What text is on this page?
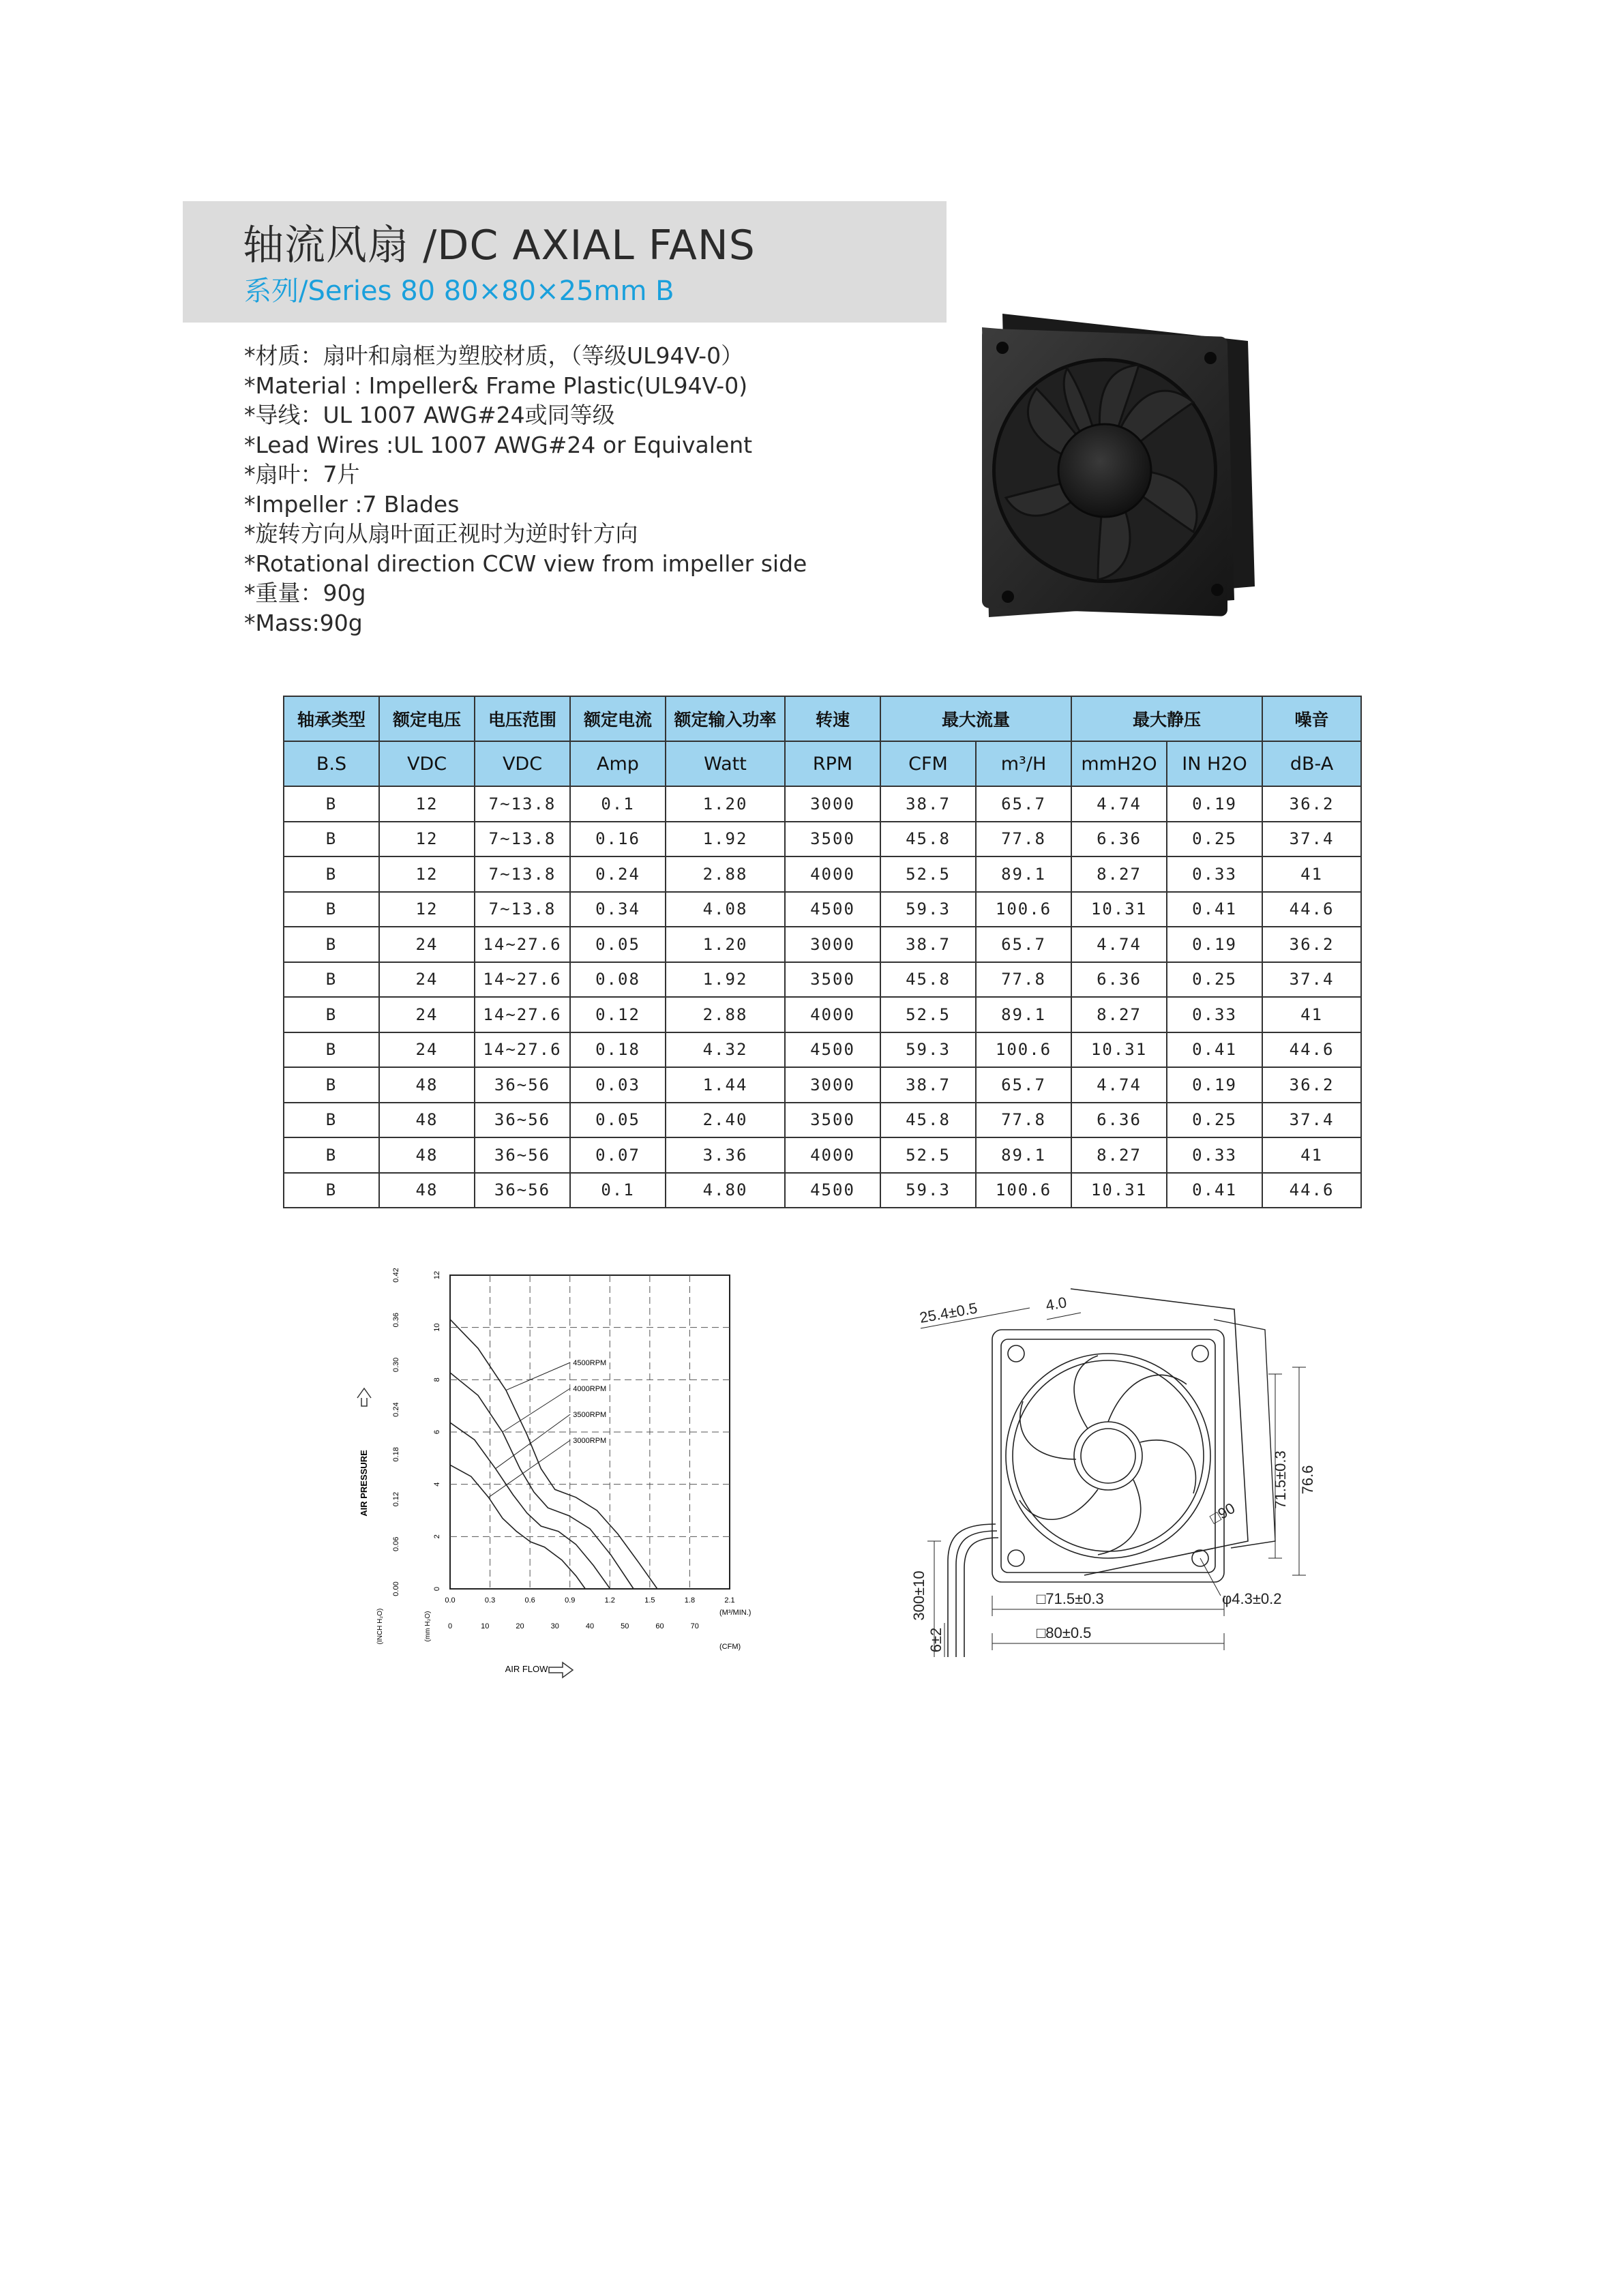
轴流风扇 /DC AXIAL FANS
系列/Series 80 80×80×25mm B
*材质：扇叶和扇框为塑胶材质，（等级UL94V-0）
*Material : Impeller& Frame Plastic(UL94V-0)
*导线：UL 1007 AWG#24或同等级
*Lead Wires :UL 1007 AWG#24 or Equivalent
*扇叶：7片
*Impeller :7 Blades
*旋转方向从扇叶面正视时为逆时针方向
*Rotational direction CCW view from impeller side
*重量：90g
*Mass:90g
轴承类型	额定电压	电压范围	额定电流	额定输入功率	转速	最大流量		最大静压		噪音
B.S	VDC	VDC	Amp	Watt	RPM	CFM	m³/H	mmH2O	IN H2O	dB-A
B	12	7~13.8	0.1	1.20	3000	38.7	65.7	4.74	0.19	36.2
B	12	7~13.8	0.16	1.92	3500	45.8	77.8	6.36	0.25	37.4
B	12	7~13.8	0.24	2.88	4000	52.5	89.1	8.27	0.33	41
B	12	7~13.8	0.34	4.08	4500	59.3	100.6	10.31	0.41	44.6
B	24	14~27.6	0.05	1.20	3000	38.7	65.7	4.74	0.19	36.2
B	24	14~27.6	0.08	1.92	3500	45.8	77.8	6.36	0.25	37.4
B	24	14~27.6	0.12	2.88	4000	52.5	89.1	8.27	0.33	41
B	24	14~27.6	0.18	4.32	4500	59.3	100.6	10.31	0.41	44.6
B	48	36~56	0.03	1.44	3000	38.7	65.7	4.74	0.19	36.2
B	48	36~56	0.05	2.40	3500	45.8	77.8	6.36	0.25	37.4
B	48	36~56	0.07	3.36	4000	52.5	89.1	8.27	0.33	41
B	48	36~56	0.1	4.80	4500	59.3	100.6	10.31	0.41	44.6
0.0	0.3	0.6	0.9	1.2	1.5	1.8	2.1
0	10	20	30	40	50	60	70
0
2
4
6
8
10
12
0.00
0.06
0.12
0.18
0.24
0.30
0.36
0.42
4500RPM
4000RPM
3500RPM
3000RPM
AIR PRESSURE
AIR FLOW
(M³/MIN.)
(CFM)
(INCH H₂O)	(mm H₂O)
25.4±0.5	4.0
71.5±0.3 76.6
□90
300±10
6±2
□71.5±0.3
□80±0.5
φ4.3±0.2
